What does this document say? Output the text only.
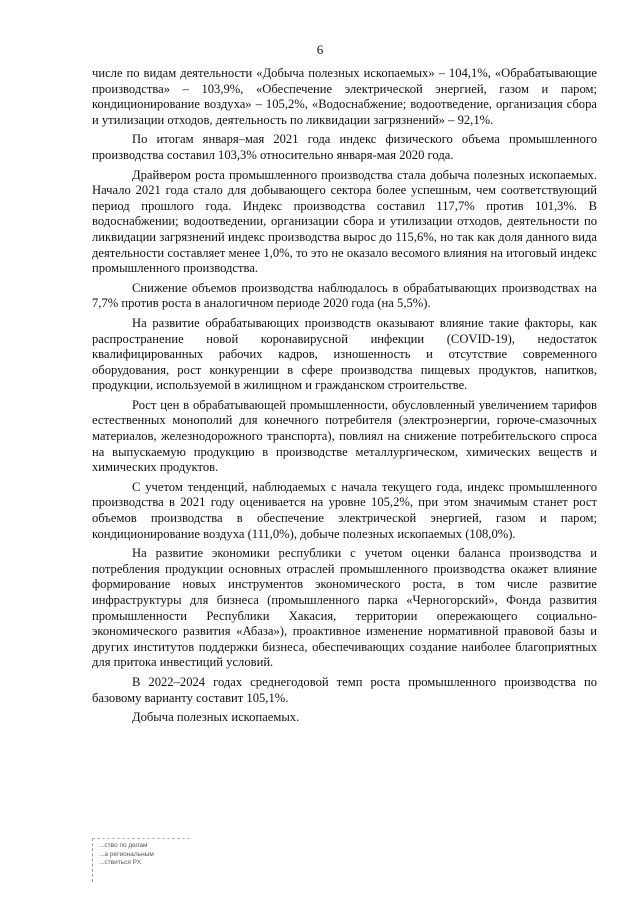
6

числе по видам деятельности «Добыча полезных ископаемых» – 104,1%, «Обрабатывающие производства» – 103,9%, «Обеспечение электрической энергией, газом и паром; кондиционирование воздуха» – 105,2%, «Водоснабжение; водоотведение, организация сбора и утилизации отходов, деятельность по ликвидации загрязнений» – 92,1%.

По итогам января–мая 2021 года индекс физического объема промышленного производства составил 103,3% относительно января-мая 2020 года.

Драйвером роста промышленного производства стала добыча полезных ископаемых. Начало 2021 года стало для добывающего сектора более успешным, чем соответствующий период прошлого года. Индекс производства составил 117,7% против 101,3%. В водоснабжении; водоотведении, организации сбора и утилизации отходов, деятельности по ликвидации загрязнений индекс производства вырос до 115,6%, но так как доля данного вида деятельности составляет менее 1,0%, то это не оказало весомого влияния на итоговый индекс промышленного производства.

Снижение объемов производства наблюдалось в обрабатывающих производствах на 7,7% против роста в аналогичном периоде 2020 года (на 5,5%).

На развитие обрабатывающих производств оказывают влияние такие факторы, как распространение новой коронавирусной инфекции (COVID-19), недостаток квалифицированных рабочих кадров, изношенность и отсутствие современного оборудования, рост конкуренции в сфере производства пищевых продуктов, напитков, продукции, используемой в жилищном и гражданском строительстве.

Рост цен в обрабатывающей промышленности, обусловленный увеличением тарифов естественных монополий для конечного потребителя (электроэнергии, горюче-смазочных материалов, железнодорожного транспорта), повлиял на снижение потребительского спроса на выпускаемую продукцию в производстве металлургическом, химических веществ и химических продуктов.

С учетом тенденций, наблюдаемых с начала текущего года, индекс промышленного производства в 2021 году оценивается на уровне 105,2%, при этом значимым станет рост объемов производства в обеспечение электрической энергией, газом и паром; кондиционирование воздуха (111,0%), добыче полезных ископаемых (108,0%).

На развитие экономики республики с учетом оценки баланса производства и потребления продукции основных отраслей промышленного производства окажет влияние формирование новых инструментов экономического роста, в том числе развитие инфраструктуры для бизнеса (промышленного парка «Черногорский», Фонда развития промышленности Республики Хакасия, территории опережающего социально-экономического развития «Абаза»), проактивное изменение нормативной правовой базы и других институтов поддержки бизнеса, обеспечивающих создание наиболее благоприятных для притока инвестиций условий.

В 2022–2024 годах среднегодовой темп роста промышленного производства по базовому варианту составит 105,1%.

Добыча полезных ископаемых.

...ство по делам
...а региональным
...ствиться РХ
